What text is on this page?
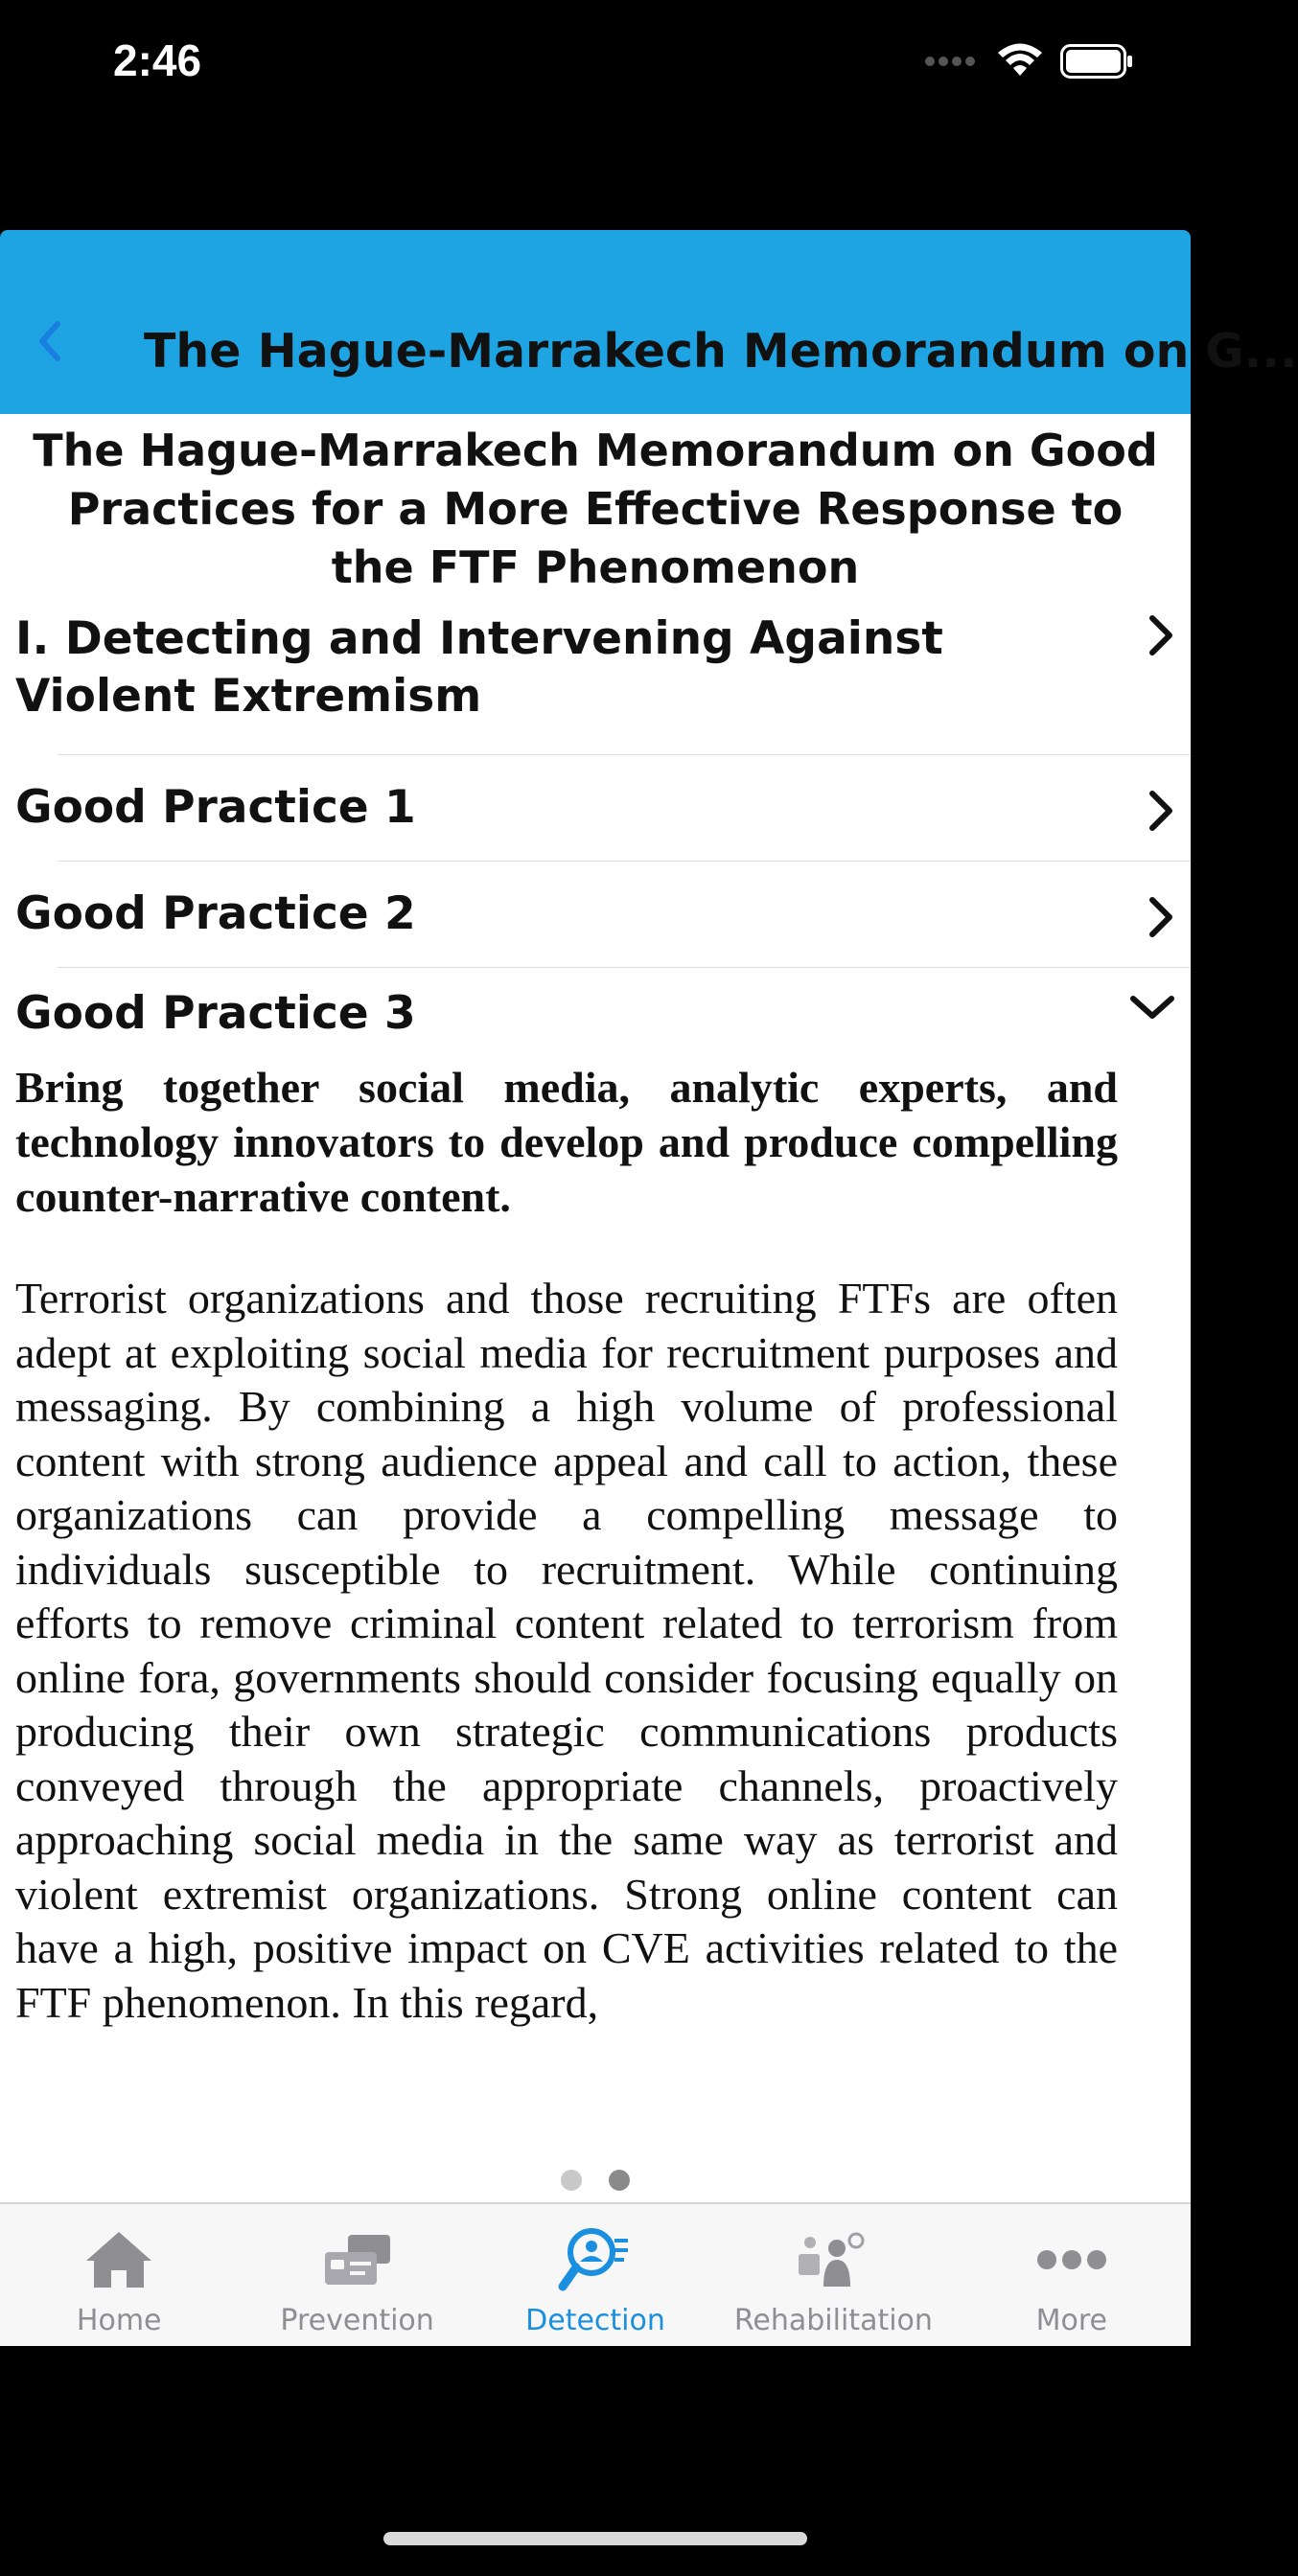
2:46
The Hague-Marrakech Memorandum on G...
The Hague-Marrakech Memorandum on Good Practices for a More Effective Response to the FTF Phenomenon
I. Detecting and Intervening Against Violent Extremism
Good Practice 1
Good Practice 2
Good Practice 3

Bring together social media, analytic experts, and technology innovators to develop and produce compelling counter-narrative content.

Terrorist organizations and those recruiting FTFs are often adept at exploiting social media for recruitment purposes and messaging. By combining a high volume of professional content with strong audience appeal and call to action, these organizations can provide a compelling message to individuals susceptible to recruitment. While continuing efforts to remove criminal content related to terrorism from online fora, governments should consider focusing equally on producing their own strategic communications products conveyed through the appropriate channels, proactively approaching social media in the same way as terrorist and violent extremist organizations. Strong online content can have a high, positive impact on CVE activities related to the FTF phenomenon. In this regard,

Home	Prevention	Detection Rehabilitation	More
